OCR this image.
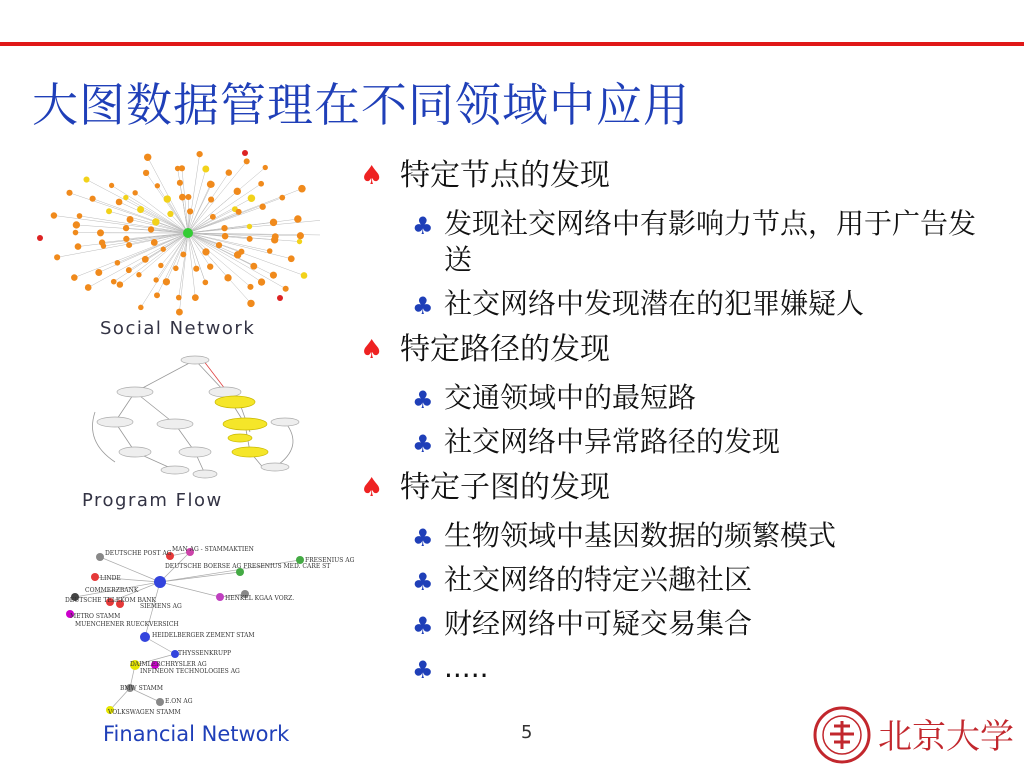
大图数据管理在不同领域中应用
Social Network
Program Flow
DEUTSCHE POST AG
MAN AG - STAMMAKTIEN
FRESENIUS AG
DEUTSCHE BOERSE AG FRESENIUS MED. CARE ST
LINDE
COMMERZBANK
DEUTSCHE TELEKOM BANK
SIEMENS AG
HENKEL KGAA VORZ.
METRO STAMM
MUENCHENER RUECKVERSICH
HEIDELBERGER ZEMENT STAM
THYSSENKRUPP
DAIMLERCHRYSLER AG
INFINEON TECHNOLOGIES AG
BMW STAMM
E.ON AG
VOLKSWAGEN STAMM
Financial Network
♠ 特定节点的发现
♣ 发现社交网络中有影响力节点，用于广告发送
♣ 社交网络中发现潜在的犯罪嫌疑人
♠ 特定路径的发现
♣ 交通领域中的最短路
♣ 社交网络中异常路径的发现
♠ 特定子图的发现
♣ 生物领域中基因数据的频繁模式
♣ 社交网络的特定兴趣社区
♣ 财经网络中可疑交易集合
♣ .....
5	北京大学
